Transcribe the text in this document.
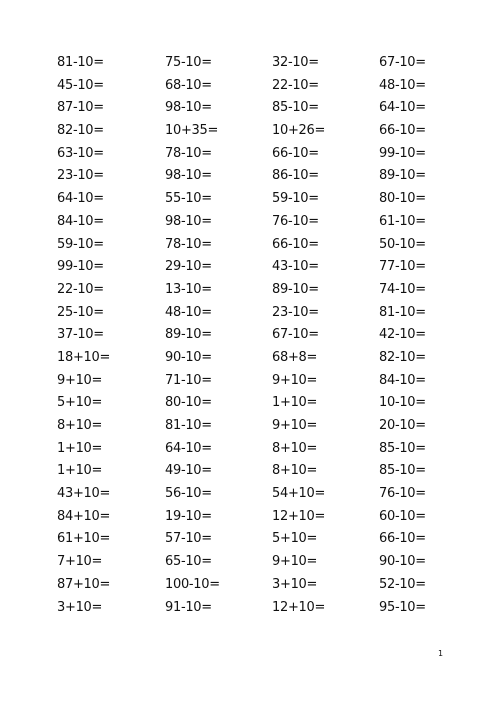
81-10=
45-10=
87-10=
82-10=
63-10=
23-10=
64-10=
84-10=
59-10=
99-10=
22-10=
25-10=
37-10=
18+10=
9+10=
5+10=
8+10=
1+10=
1+10=
43+10=
84+10=
61+10=
7+10=
87+10=
3+10=
75-10=
68-10=
98-10=
10+35=
78-10=
98-10=
55-10=
98-10=
78-10=
29-10=
13-10=
48-10=
89-10=
90-10=
71-10=
80-10=
81-10=
64-10=
49-10=
56-10=
19-10=
57-10=
65-10=
100-10=
91-10=
32-10=
22-10=
85-10=
10+26=
66-10=
86-10=
59-10=
76-10=
66-10=
43-10=
89-10=
23-10=
67-10=
68+8=
9+10=
1+10=
9+10=
8+10=
8+10=
54+10=
12+10=
5+10=
9+10=
3+10=
12+10=
67-10=
48-10=
64-10=
66-10=
99-10=
89-10=
80-10=
61-10=
50-10=
77-10=
74-10=
81-10=
42-10=
82-10=
84-10=
10-10=
20-10=
85-10=
85-10=
76-10=
60-10=
66-10=
90-10=
52-10=
95-10=
1
